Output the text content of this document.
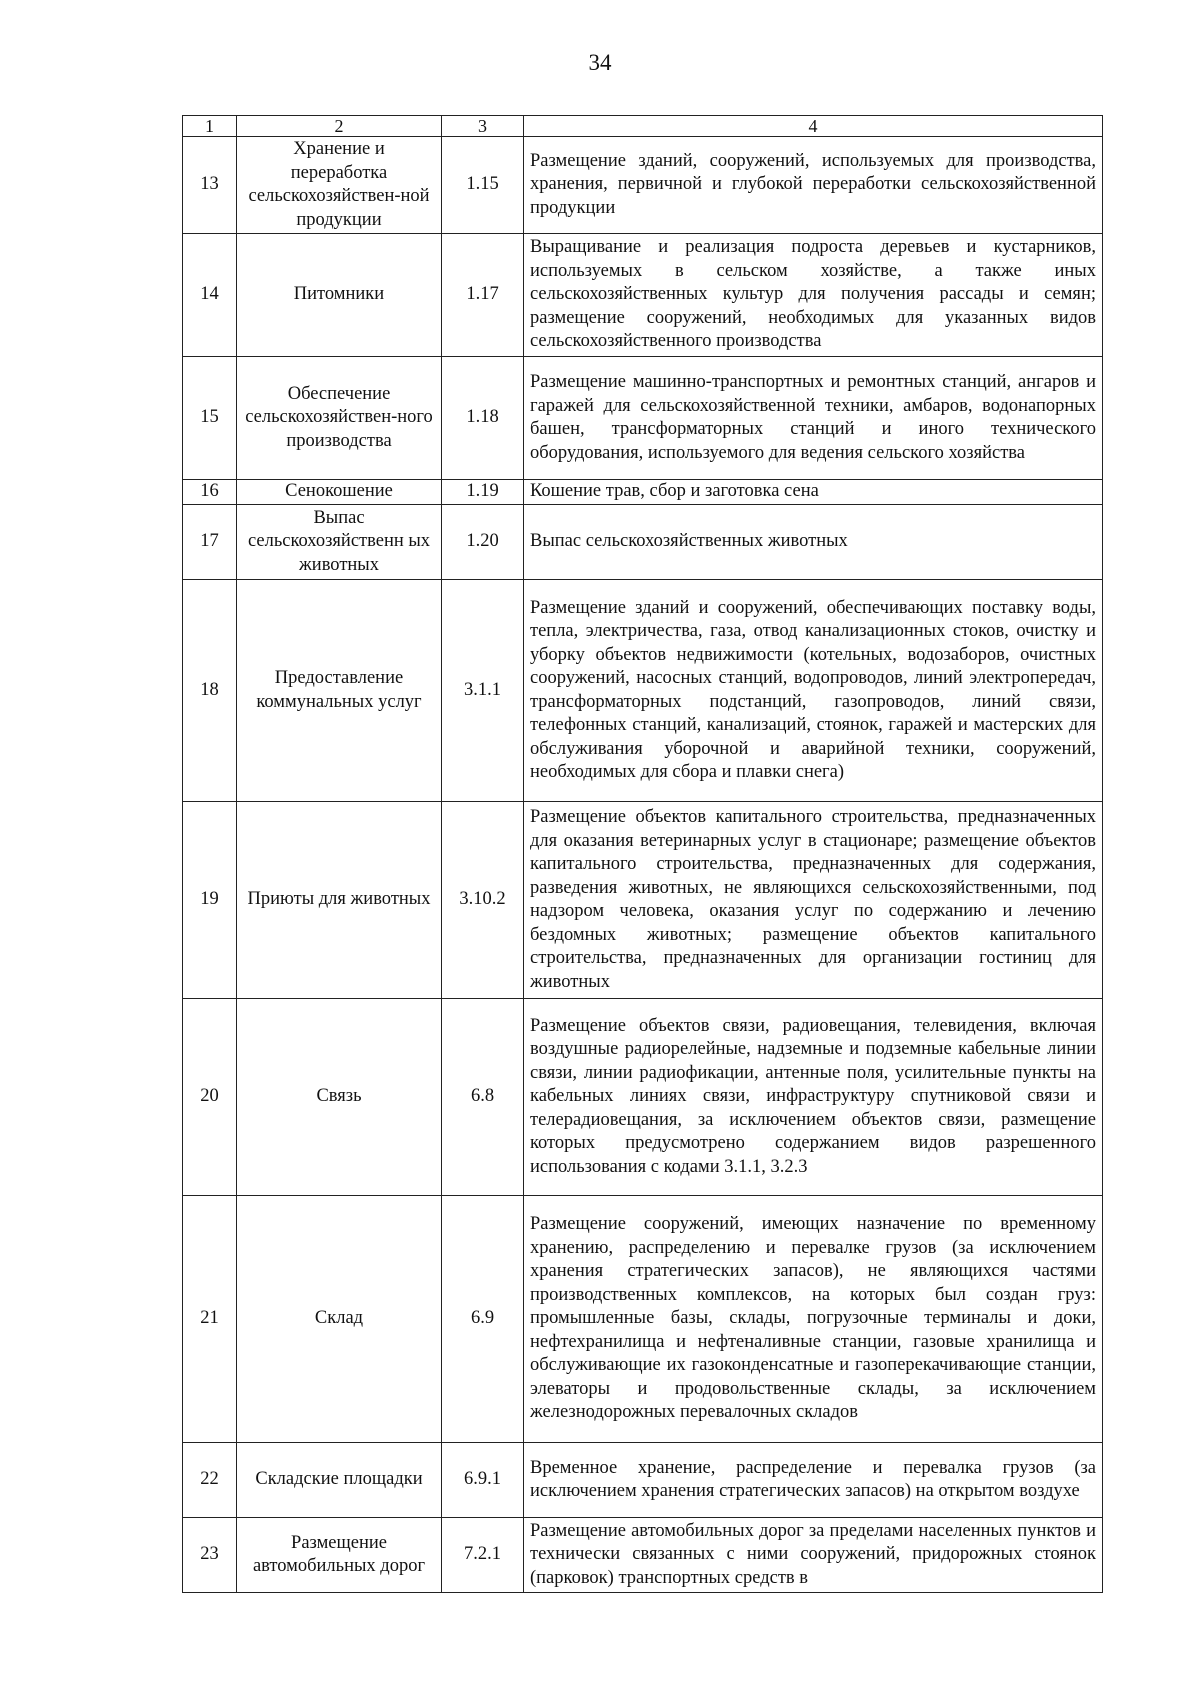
34
1	2	3	4
13	Хранение и переработка сельскохозяйствен-ной продукции	1.15	Размещение зданий, сооружений, используемых для производства, хранения, первичной и глубокой переработки сельскохозяйственной продукции
14	Питомники	1.17	Выращивание и реализация подроста деревьев и кустарников, используемых в сельском хозяйстве, а также иных сельскохозяйственных культур для получения рассады и семян; размещение сооружений, необходимых для указанных видов сельскохозяйственного производства
15	Обеспечение сельскохозяйствен-ного производства	1.18	Размещение машинно-транспортных и ремонтных станций, ангаров и гаражей для сельскохозяйственной техники, амбаров, водонапорных башен, трансформаторных станций и иного технического оборудования, используемого для ведения сельского хозяйства
16	Сенокошение	1.19	Кошение трав, сбор и заготовка сена
17	Выпас сельскохозяйственн ых животных	1.20	Выпас сельскохозяйственных животных
18	Предоставление коммунальных услуг	3.1.1	Размещение зданий и сооружений, обеспечивающих поставку воды, тепла, электричества, газа, отвод канализационных стоков, очистку и уборку объектов недвижимости (котельных, водозаборов, очистных сооружений, насосных станций, водопроводов, линий электропередач, трансформаторных подстанций, газопроводов, линий связи, телефонных станций, канализаций, стоянок, гаражей и мастерских для обслуживания уборочной и аварийной техники, сооружений, необходимых для сбора и плавки снега)
19	Приюты для животных	3.10.2	Размещение объектов капитального строительства, предназначенных для оказания ветеринарных услуг в стационаре; размещение объектов капитального строительства, предназначенных для содержания, разведения животных, не являющихся сельскохозяйственными, под надзором человека, оказания услуг по содержанию и лечению бездомных животных; размещение объектов капитального строительства, предназначенных для организации гостиниц для животных
20	Связь	6.8	Размещение объектов связи, радиовещания, телевидения, включая воздушные радиорелейные, надземные и подземные кабельные линии связи, линии радиофикации, антенные поля, усилительные пункты на кабельных линиях связи, инфраструктуру спутниковой связи и телерадиовещания, за исключением объектов связи, размещение которых предусмотрено содержанием видов разрешенного использования с кодами 3.1.1, 3.2.3
21	Склад	6.9	Размещение сооружений, имеющих назначение по временному хранению, распределению и перевалке грузов (за исключением хранения стратегических запасов), не являющихся частями производственных комплексов, на которых был создан груз: промышленные базы, склады, погрузочные терминалы и доки, нефтехранилища и нефтеналивные станции, газовые хранилища и обслуживающие их газоконденсатные и газоперекачивающие станции, элеваторы и продовольственные склады, за исключением железнодорожных перевалочных складов
22	Складские площадки	6.9.1	Временное хранение, распределение и перевалка грузов (за исключением хранения стратегических запасов) на открытом воздухе
23	Размещение автомобильных дорог	7.2.1	Размещение автомобильных дорог за пределами населенных пунктов и технически связанных с ними сооружений, придорожных стоянок (парковок) транспортных средств в
